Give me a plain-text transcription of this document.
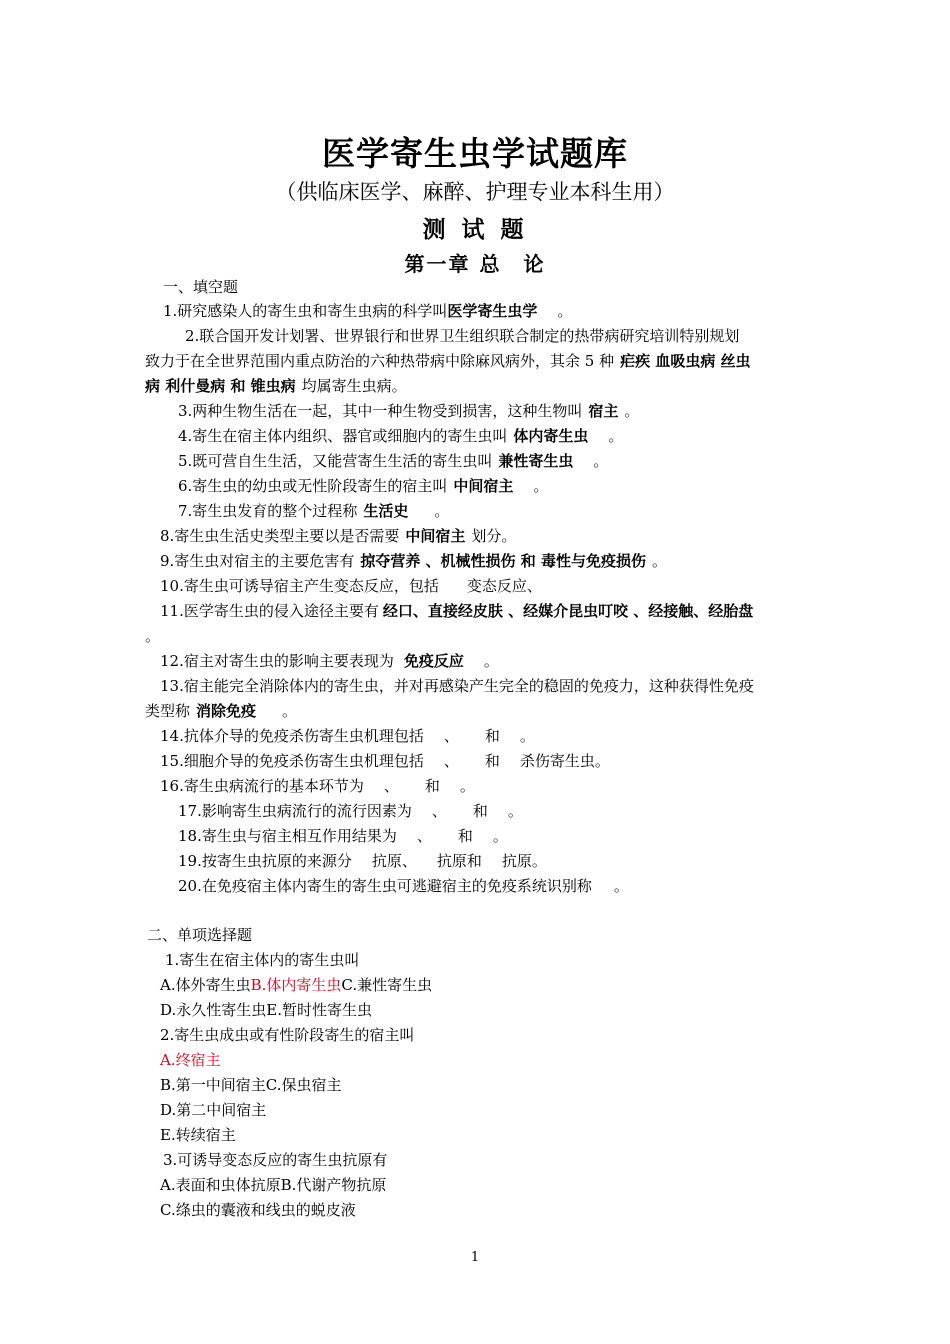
医学寄生虫学试题库
（供临床医学、麻醉、护理专业本科生用）
测 试 题
第一章 总　论
一、填空题
1.研究感染人的寄生虫和寄生虫病的科学叫医学寄生虫学 。
2.联合国开发计划署、世界银行和世界卫生组织联合制定的热带病研究培训特别规划
致力于在全世界范围内重点防治的六种热带病中除麻风病外，其余 5 种 疟疾 血吸虫病 丝虫
病 利什曼病 和 锥虫病 均属寄生虫病。
3.两种生物生活在一起，其中一种生物受到损害，这种生物叫 宿主 。
4.寄生在宿主体内组织、器官或细胞内的寄生虫叫 体内寄生虫 。
5.既可营自生生活，又能营寄生生活的寄生虫叫 兼性寄生虫 。
6.寄生虫的幼虫或无性阶段寄生的宿主叫 中间宿主 。
7.寄生虫发育的整个过程称 生活史 。
8.寄生虫生活史类型主要以是否需要 中间宿主 划分。
9.寄生虫对宿主的主要危害有 掠夺营养 、机械性损伤 和 毒性与免疫损伤 。
10.寄生虫可诱导宿主产生变态反应，包括 变态反应、
11.医学寄生虫的侵入途径主要有 经口、直接经皮肤 、经媒介昆虫叮咬 、经接触、经胎盘
。
12.宿主对寄生虫的影响主要表现为 免疫反应 。
13.宿主能完全消除体内的寄生虫，并对再感染产生完全的稳固的免疫力，这种获得性免疫
类型称 消除免疫 。
14.抗体介导的免疫杀伤寄生虫机理包括 、 和 。
15.细胞介导的免疫杀伤寄生虫机理包括 、 和 杀伤寄生虫。
16.寄生虫病流行的基本环节为 、 和 。
17.影响寄生虫病流行的流行因素为 、 和 。
18.寄生虫与宿主相互作用结果为 、 和 。
19.按寄生虫抗原的来源分 抗原、 抗原和 抗原。
20.在免疫宿主体内寄生的寄生虫可逃避宿主的免疫系统识别称 。
二、单项选择题
1.寄生在宿主体内的寄生虫叫
A.体外寄生虫B.体内寄生虫C.兼性寄生虫
D.永久性寄生虫E.暂时性寄生虫
2.寄生虫成虫或有性阶段寄生的宿主叫
A.终宿主
B.第一中间宿主C.保虫宿主
D.第二中间宿主
E.转续宿主
3.可诱导变态反应的寄生虫抗原有
A.表面和虫体抗原B.代谢产物抗原
C.绦虫的囊液和线虫的蜕皮液
1
